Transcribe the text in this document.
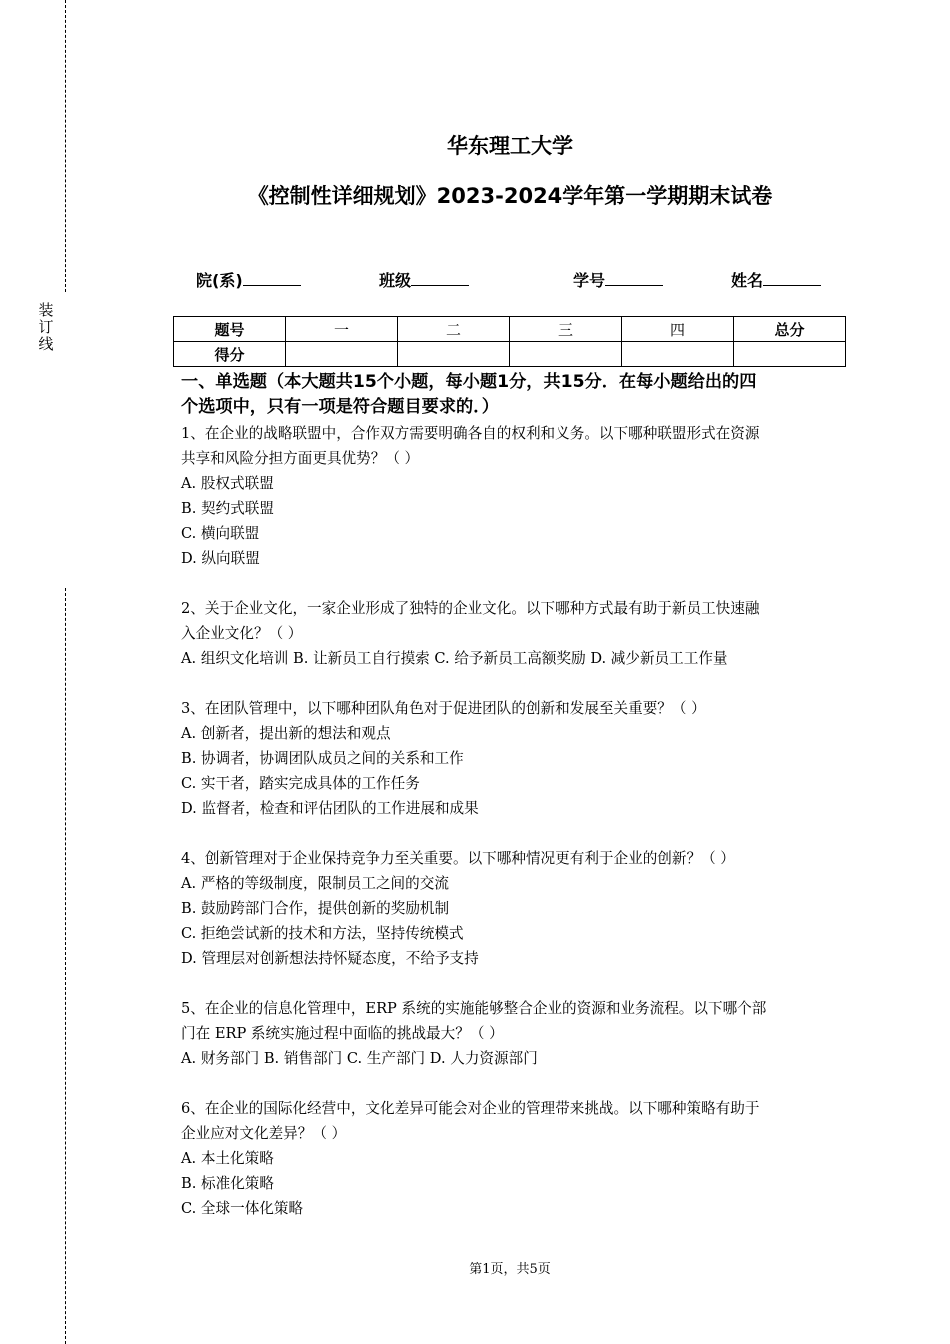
装
订
线
华东理工大学
《控制性详细规划》2023-2024学年第一学期期末试卷
院(系)	班级	学号	姓名
题号	一	二	三	四	总分
得分					
一、单选题（本大题共15个小题，每小题1分，共15分．在每小题给出的四
个选项中，只有一项是符合题目要求的．）
1、在企业的战略联盟中，合作双方需要明确各自的权利和义务。以下哪种联盟形式在资源
共享和风险分担方面更具优势？（ ）
A. 股权式联盟
B. 契约式联盟
C. 横向联盟
D. 纵向联盟
2、关于企业文化，一家企业形成了独特的企业文化。以下哪种方式最有助于新员工快速融
入企业文化？（ ）
A. 组织文化培训 B. 让新员工自行摸索 C. 给予新员工高额奖励 D. 减少新员工工作量
3、在团队管理中，以下哪种团队角色对于促进团队的创新和发展至关重要？（ ）
A. 创新者，提出新的想法和观点
B. 协调者，协调团队成员之间的关系和工作
C. 实干者，踏实完成具体的工作任务
D. 监督者，检查和评估团队的工作进展和成果
4、创新管理对于企业保持竞争力至关重要。以下哪种情况更有利于企业的创新？（ ）
A. 严格的等级制度，限制员工之间的交流
B. 鼓励跨部门合作，提供创新的奖励机制
C. 拒绝尝试新的技术和方法，坚持传统模式
D. 管理层对创新想法持怀疑态度，不给予支持
5、在企业的信息化管理中，ERP 系统的实施能够整合企业的资源和业务流程。以下哪个部
门在 ERP 系统实施过程中面临的挑战最大？（ ）
A. 财务部门 B. 销售部门 C. 生产部门 D. 人力资源部门
6、在企业的国际化经营中，文化差异可能会对企业的管理带来挑战。以下哪种策略有助于
企业应对文化差异？（ ）
A. 本土化策略
B. 标准化策略
C. 全球一体化策略
第1页，共5页
